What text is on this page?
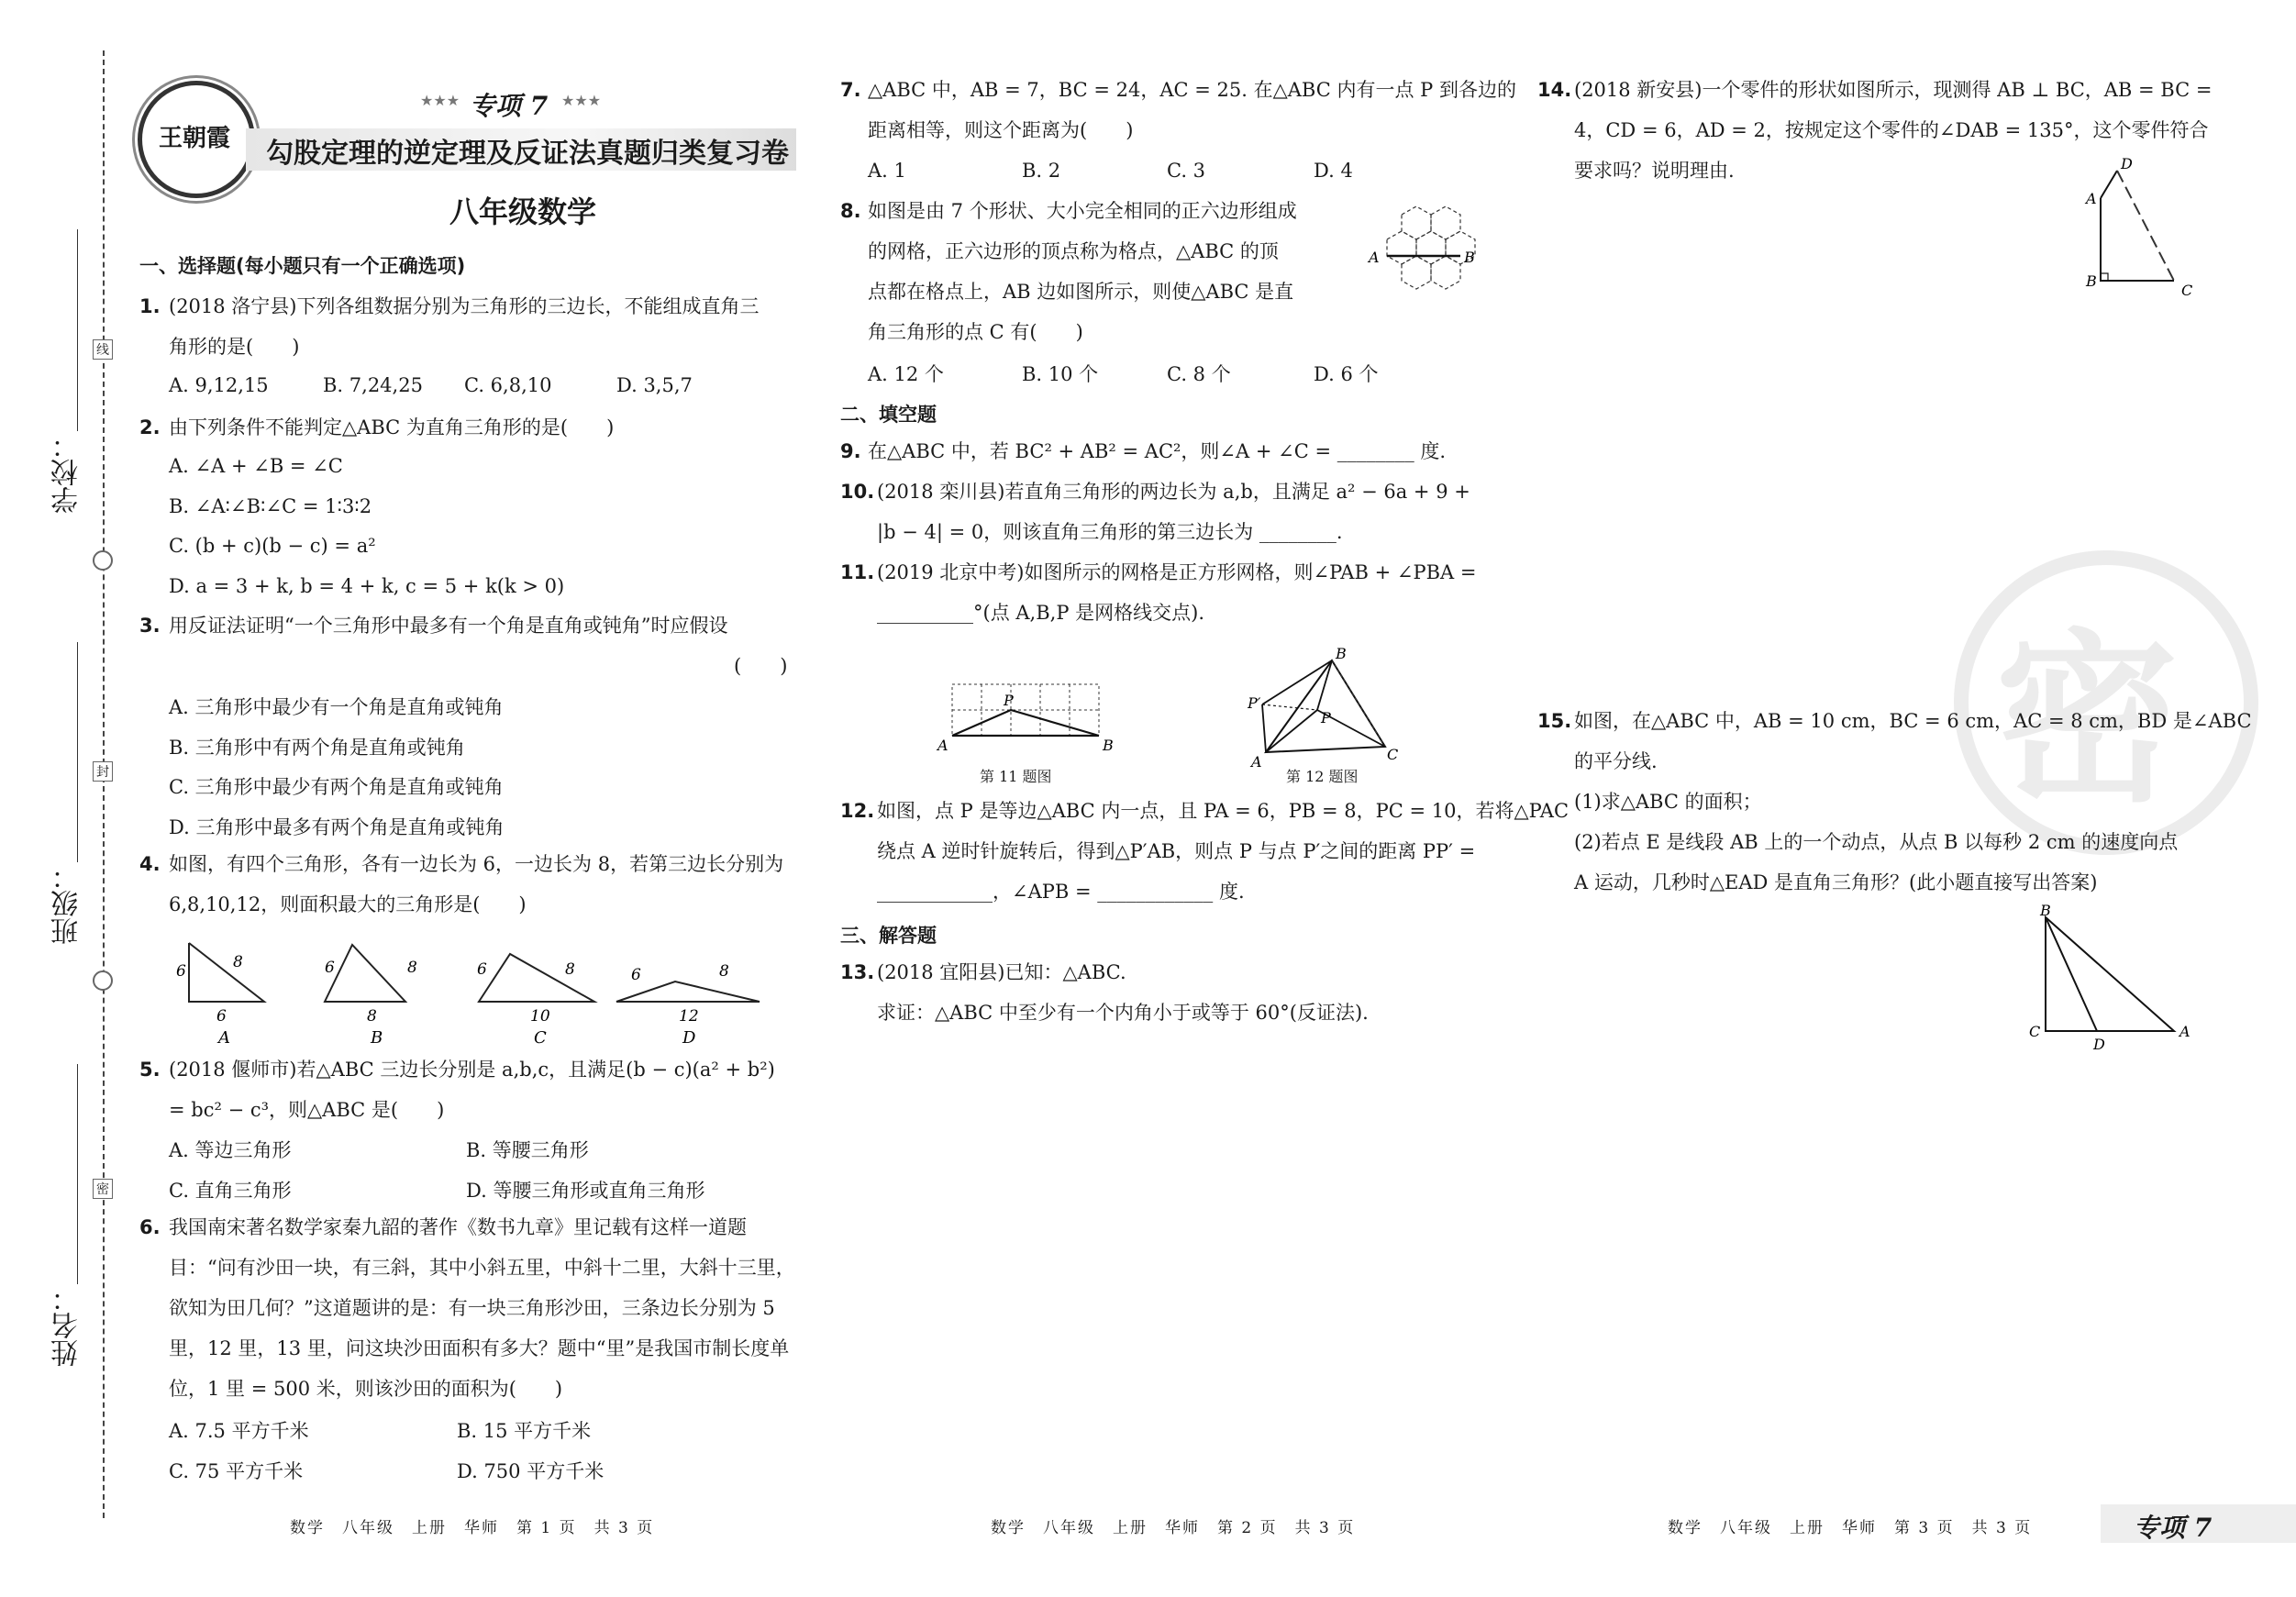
学校：
班级：
姓名：
线
封
密
王朝霞
专项 7
★★★	★★★
勾股定理的逆定理及反证法真题归类复习卷
八年级数学
一、选择题(每小题只有一个正确选项)
1. (2018 洛宁县)下列各组数据分别为三角形的三边长，不能组成直角三
角形的是(　　)
A. 9,12,15	B. 7,24,25 C. 6,8,10	D. 3,5,7
2. 由下列条件不能判定△ABC 为直角三角形的是(　　)
A. ∠A + ∠B = ∠C
B. ∠A∶∠B∶∠C = 1∶3∶2
C. (b + c)(b − c) = a²
D. a = 3 + k, b = 4 + k, c = 5 + k(k > 0)
3. 用反证法证明“一个三角形中最多有一个角是直角或钝角”时应假设
(　　)
A. 三角形中最少有一个角是直角或钝角
B. 三角形中有两个角是直角或钝角
C. 三角形中最少有两个角是直角或钝角
D. 三角形中最多有两个角是直角或钝角
4. 如图，有四个三角形，各有一边长为 6，一边长为 8，若第三边长分别为
6,8,10,12，则面积最大的三角形是(　　)
6	8
6
A
6	8
8
B
6	8
10
C
6	8
12
D
5. (2018 偃师市)若△ABC 三边长分别是 a,b,c，且满足(b − c)(a² + b²)
= bc² − c³，则△ABC 是(　　)
A. 等边三角形	B. 等腰三角形
C. 直角三角形	D. 等腰三角形或直角三角形
6. 我国南宋著名数学家秦九韶的著作《数书九章》里记载有这样一道题
目：“问有沙田一块，有三斜，其中小斜五里，中斜十二里，大斜十三里，
欲知为田几何？”这道题讲的是：有一块三角形沙田，三条边长分别为 5
里，12 里，13 里，问这块沙田面积有多大？题中“里”是我国市制长度单
位，1 里 = 500 米，则该沙田的面积为(　　)
A. 7.5 平方千米	B. 15 平方千米
C. 75 平方千米	D. 750 平方千米
数学　八年级　上册　华师　第 1 页　共 3 页
7. △ABC 中，AB = 7，BC = 24，AC = 25. 在△ABC 内有一点 P 到各边的
距离相等，则这个距离为(　　)
A. 1	B. 2	C. 3	D. 4
8. 如图是由 7 个形状、大小完全相同的正六边形组成
的网格，正六边形的顶点称为格点，△ABC 的顶
点都在格点上，AB 边如图所示，则使△ABC 是直
角三角形的点 C 有(　　)
A	B
A. 12 个	B. 10 个	C. 8 个	D. 6 个
二、填空题
9. 在△ABC 中，若 BC² + AB² = AC²，则∠A + ∠C = ________ 度.
10. (2018 栾川县)若直角三角形的两边长为 a,b，且满足 a² − 6a + 9 +
|b − 4| = 0，则该直角三角形的第三边长为 ________.
11. (2019 北京中考)如图所示的网格是正方形网格，则∠PAB + ∠PBA =
__________°(点 A,B,P 是网格线交点).
A	B
P
第 11 题图
A
B
C
P
P′
第 12 题图
12. 如图，点 P 是等边△ABC 内一点，且 PA = 6，PB = 8，PC = 10，若将△PAC
绕点 A 逆时针旋转后，得到△P′AB，则点 P 与点 P′之间的距离 PP′ =
____________，∠APB = ____________ 度.
三、解答题
13. (2018 宜阳县)已知：△ABC.
求证：△ABC 中至少有一个内角小于或等于 60°(反证法).
数学　八年级　上册　华师　第 2 页　共 3 页
密
14. (2018 新安县)一个零件的形状如图所示，现测得 AB ⊥ BC，AB = BC =
4，CD = 6，AD = 2，按规定这个零件的∠DAB = 135°，这个零件符合
要求吗？说明理由.
A
B
C
D
15. 如图，在△ABC 中，AB = 10 cm，BC = 6 cm，AC = 8 cm，BD 是∠ABC
的平分线.
(1)求△ABC 的面积；
(2)若点 E 是线段 AB 上的一个动点，从点 B 以每秒 2 cm 的速度向点
A 运动，几秒时△EAD 是直角三角形？(此小题直接写出答案)
B
C
D
A
数学　八年级　上册　华师　第 3 页　共 3 页	专项 7
